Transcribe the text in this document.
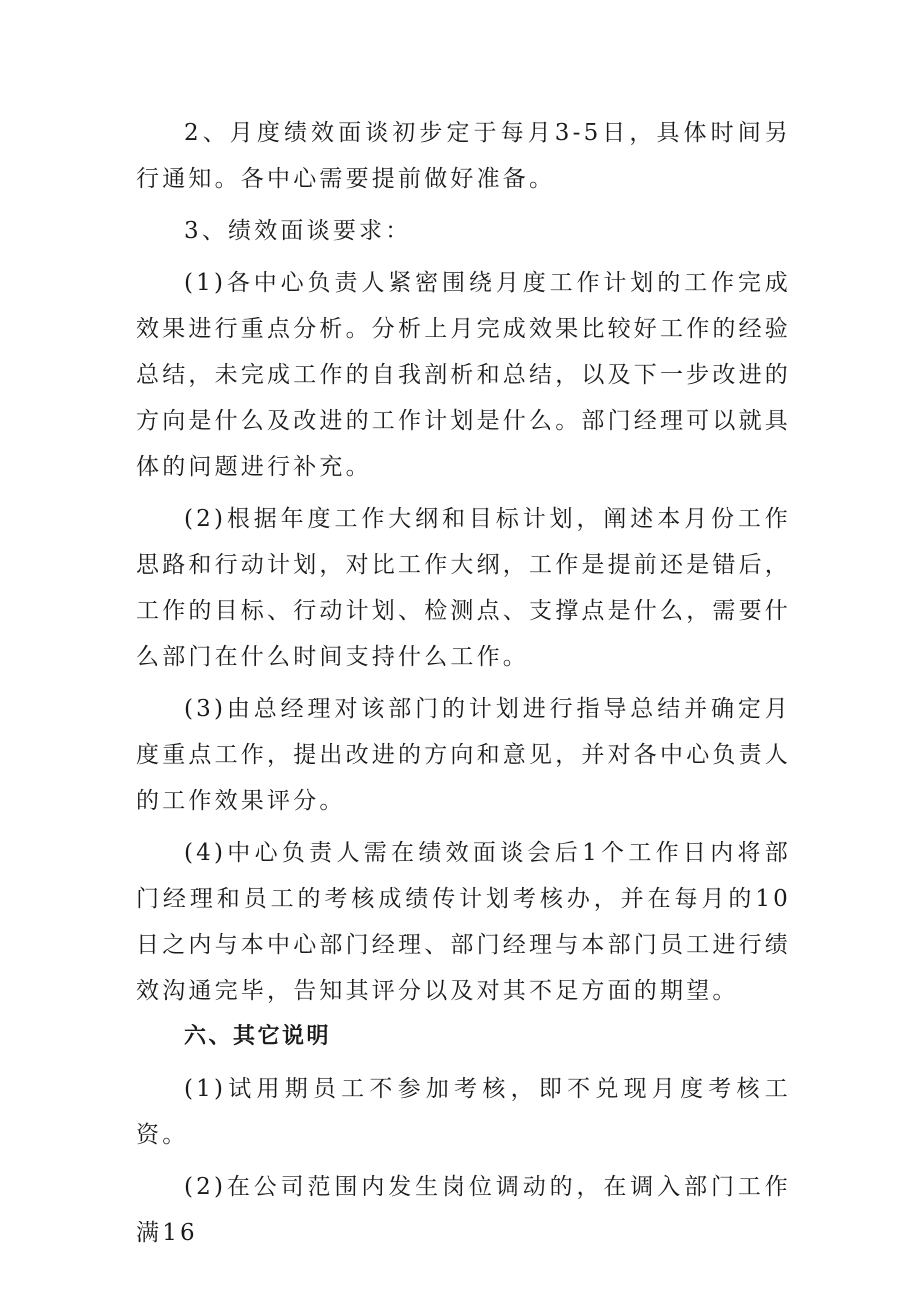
2、月度绩效面谈初步定于每月3-5日，具体时间另行通知。各中心需要提前做好准备。

3、绩效面谈要求：

(1)各中心负责人紧密围绕月度工作计划的工作完成效果进行重点分析。分析上月完成效果比较好工作的经验总结，未完成工作的自我剖析和总结，以及下一步改进的方向是什么及改进的工作计划是什么。部门经理可以就具体的问题进行补充。

(2)根据年度工作大纲和目标计划，阐述本月份工作思路和行动计划，对比工作大纲，工作是提前还是错后，工作的目标、行动计划、检测点、支撑点是什么，需要什么部门在什么时间支持什么工作。

(3)由总经理对该部门的计划进行指导总结并确定月度重点工作，提出改进的方向和意见，并对各中心负责人的工作效果评分。

(4)中心负责人需在绩效面谈会后1个工作日内将部门经理和员工的考核成绩传计划考核办，并在每月的10日之内与本中心部门经理、部门经理与本部门员工进行绩效沟通完毕，告知其评分以及对其不足方面的期望。

六、其它说明

(1)试用期员工不参加考核，即不兑现月度考核工资。

(2)在公司范围内发生岗位调动的，在调入部门工作满16
